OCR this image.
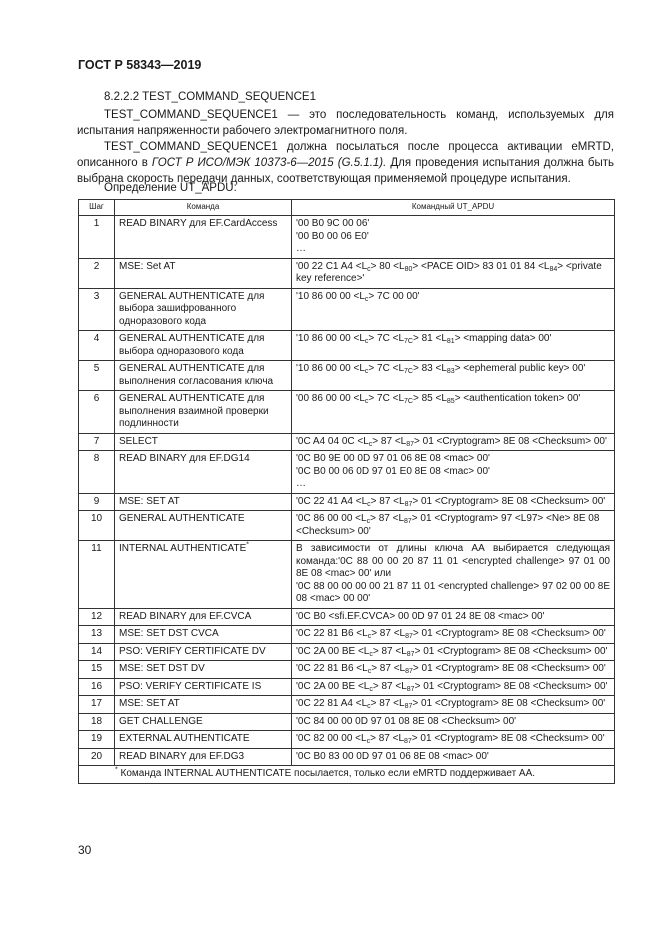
ГОСТ Р 58343—2019
8.2.2.2 TEST_COMMAND_SEQUENCE1

TEST_COMMAND_SEQUENCE1 — это последовательность команд, используемых для испытания напряженности рабочего электромагнитного поля.

TEST_COMMAND_SEQUENCE1 должна посылаться после процесса активации eMRTD, описанного в ГОСТ Р ИСО/МЭК 10373-6—2015 (G.5.1.1). Для проведения испытания должна быть выбрана скорость передачи данных, соответствующая применяемой процедуре испытания.

Определение UT_APDU:
Шаг	Команда	Командный UT_APDU
1	READ BINARY для EF.CardAccess	'00 B0 9C 00 06'
'00 B0 00 06 E0'
…

2	MSE: Set AT	'00 22 C1 $A4 <L_c> 80 <L_{80}>$ <PACE OID> 83 01 01 $84 <L_{84}>$ <private key reference>'
3	GENERAL AUTHENTICATE для выбора зашифрованного одноразового кода	'10 86 00 $00 <L_c> 7C$ 00 00'
4	GENERAL AUTHENTICATE для выбора одноразового кода	'10 86 00 $00 <L_c> 7C <L_{7C}> 81 <L_{81}>$ <mapping data> 00'
5	GENERAL AUTHENTICATE для выполнения согласования ключа	'10 86 00 $00 <L_c> 7C <L_{7C}> 83 <L_{83}>$ <ephemeral public key> 00'
6	GENERAL AUTHENTICATE для выполнения взаимной проверки подлинности	'00 86 00 $00 <L_c> 7C <L_{7C}> 85 <L_{85}>$ <authentication token> 00'
7	SELECT	'0C A4 04 $0C <L_c> 87 <L_{87}> 01$ <Cryptogram> 8E 08 <Checksum> 00'
8	READ BINARY для EF.DG14	'0C B0 9E 00 0D 97 01 06 8E 08 <mac> 00'
'0C B0 00 06 0D 97 01 E0 8E 08 <mac> 00'
…

9	MSE: SET AT	'0C 22 41 $A4 <L_c> 87 <L_{87}> 01$ <Cryptogram> 8E 08 <Checksum> 00'
10	GENERAL AUTHENTICATE	'0C 86 00 $00 <L_c> 87 <L_{87}> 01$ <Cryptogram> 97 <L97> <Ne> 8E 08 <Checksum> 00'
11	INTERNAL AUTHENTICATE*	В зависимости от длины ключа АА выбирается следующая команда:'0C 88 00 00 20 87 11 01 <encrypted challenge> 97 01 00 8E 08 <mac> 00' или
'0C 88 00 00 00 00 21 87 11 01 <encrypted challenge> 97 02 00 00 8E 08 <mac> 00 00'

12	READ BINARY для EF.CVCA	'0C B0 <sfi.EF.CVCA> 00 0D 97 01 24 8E 08 <mac> 00'

13	MSE: SET DST CVCA	'0C 22 81 $B6 <L_c> 87 <L_{87}> 01$ <Cryptogram> 8E 08 <Checksum> 00'
14	PSO: VERIFY CERTIFICATE DV	'0C 2A 00 BE $<L_c> 87 <L_{87}> 01$ <Cryptogram> 8E 08 <Checksum> 00'
15	MSE: SET DST DV	'0C 22 81 $B6 <L_c> 87 <L_{87}> 01$ <Cryptogram> 8E 08 <Checksum> 00'
16	PSO: VERIFY CERTIFICATE IS	'0C 2A 00 BE $<L_c> 87 <L_{87}> 01$ <Cryptogram> 8E 08 <Checksum> 00'
17	MSE: SET AT	'0C 22 81 $A4 <L_c> 87 <L_{87}> 01$ <Cryptogram> 8E 08 <Checksum> 00'
18	GET CHALLENGE	'0C 84 00 00 0D 97 01 08 8E 08 <Checksum> 00'

19	EXTERNAL AUTHENTICATE	'0C 82 00 $00 <L_c> 87 <L_{87}> 01$ <Cryptogram> 8E 08 <Checksum> 00'
20	READ BINARY для EF.DG3	'0C B0 83 00 0D 97 01 06 8E 08 <mac> 00'

* Команда INTERNAL AUTHENTICATE посылается, только если eMRTD поддерживает АА.		
30
